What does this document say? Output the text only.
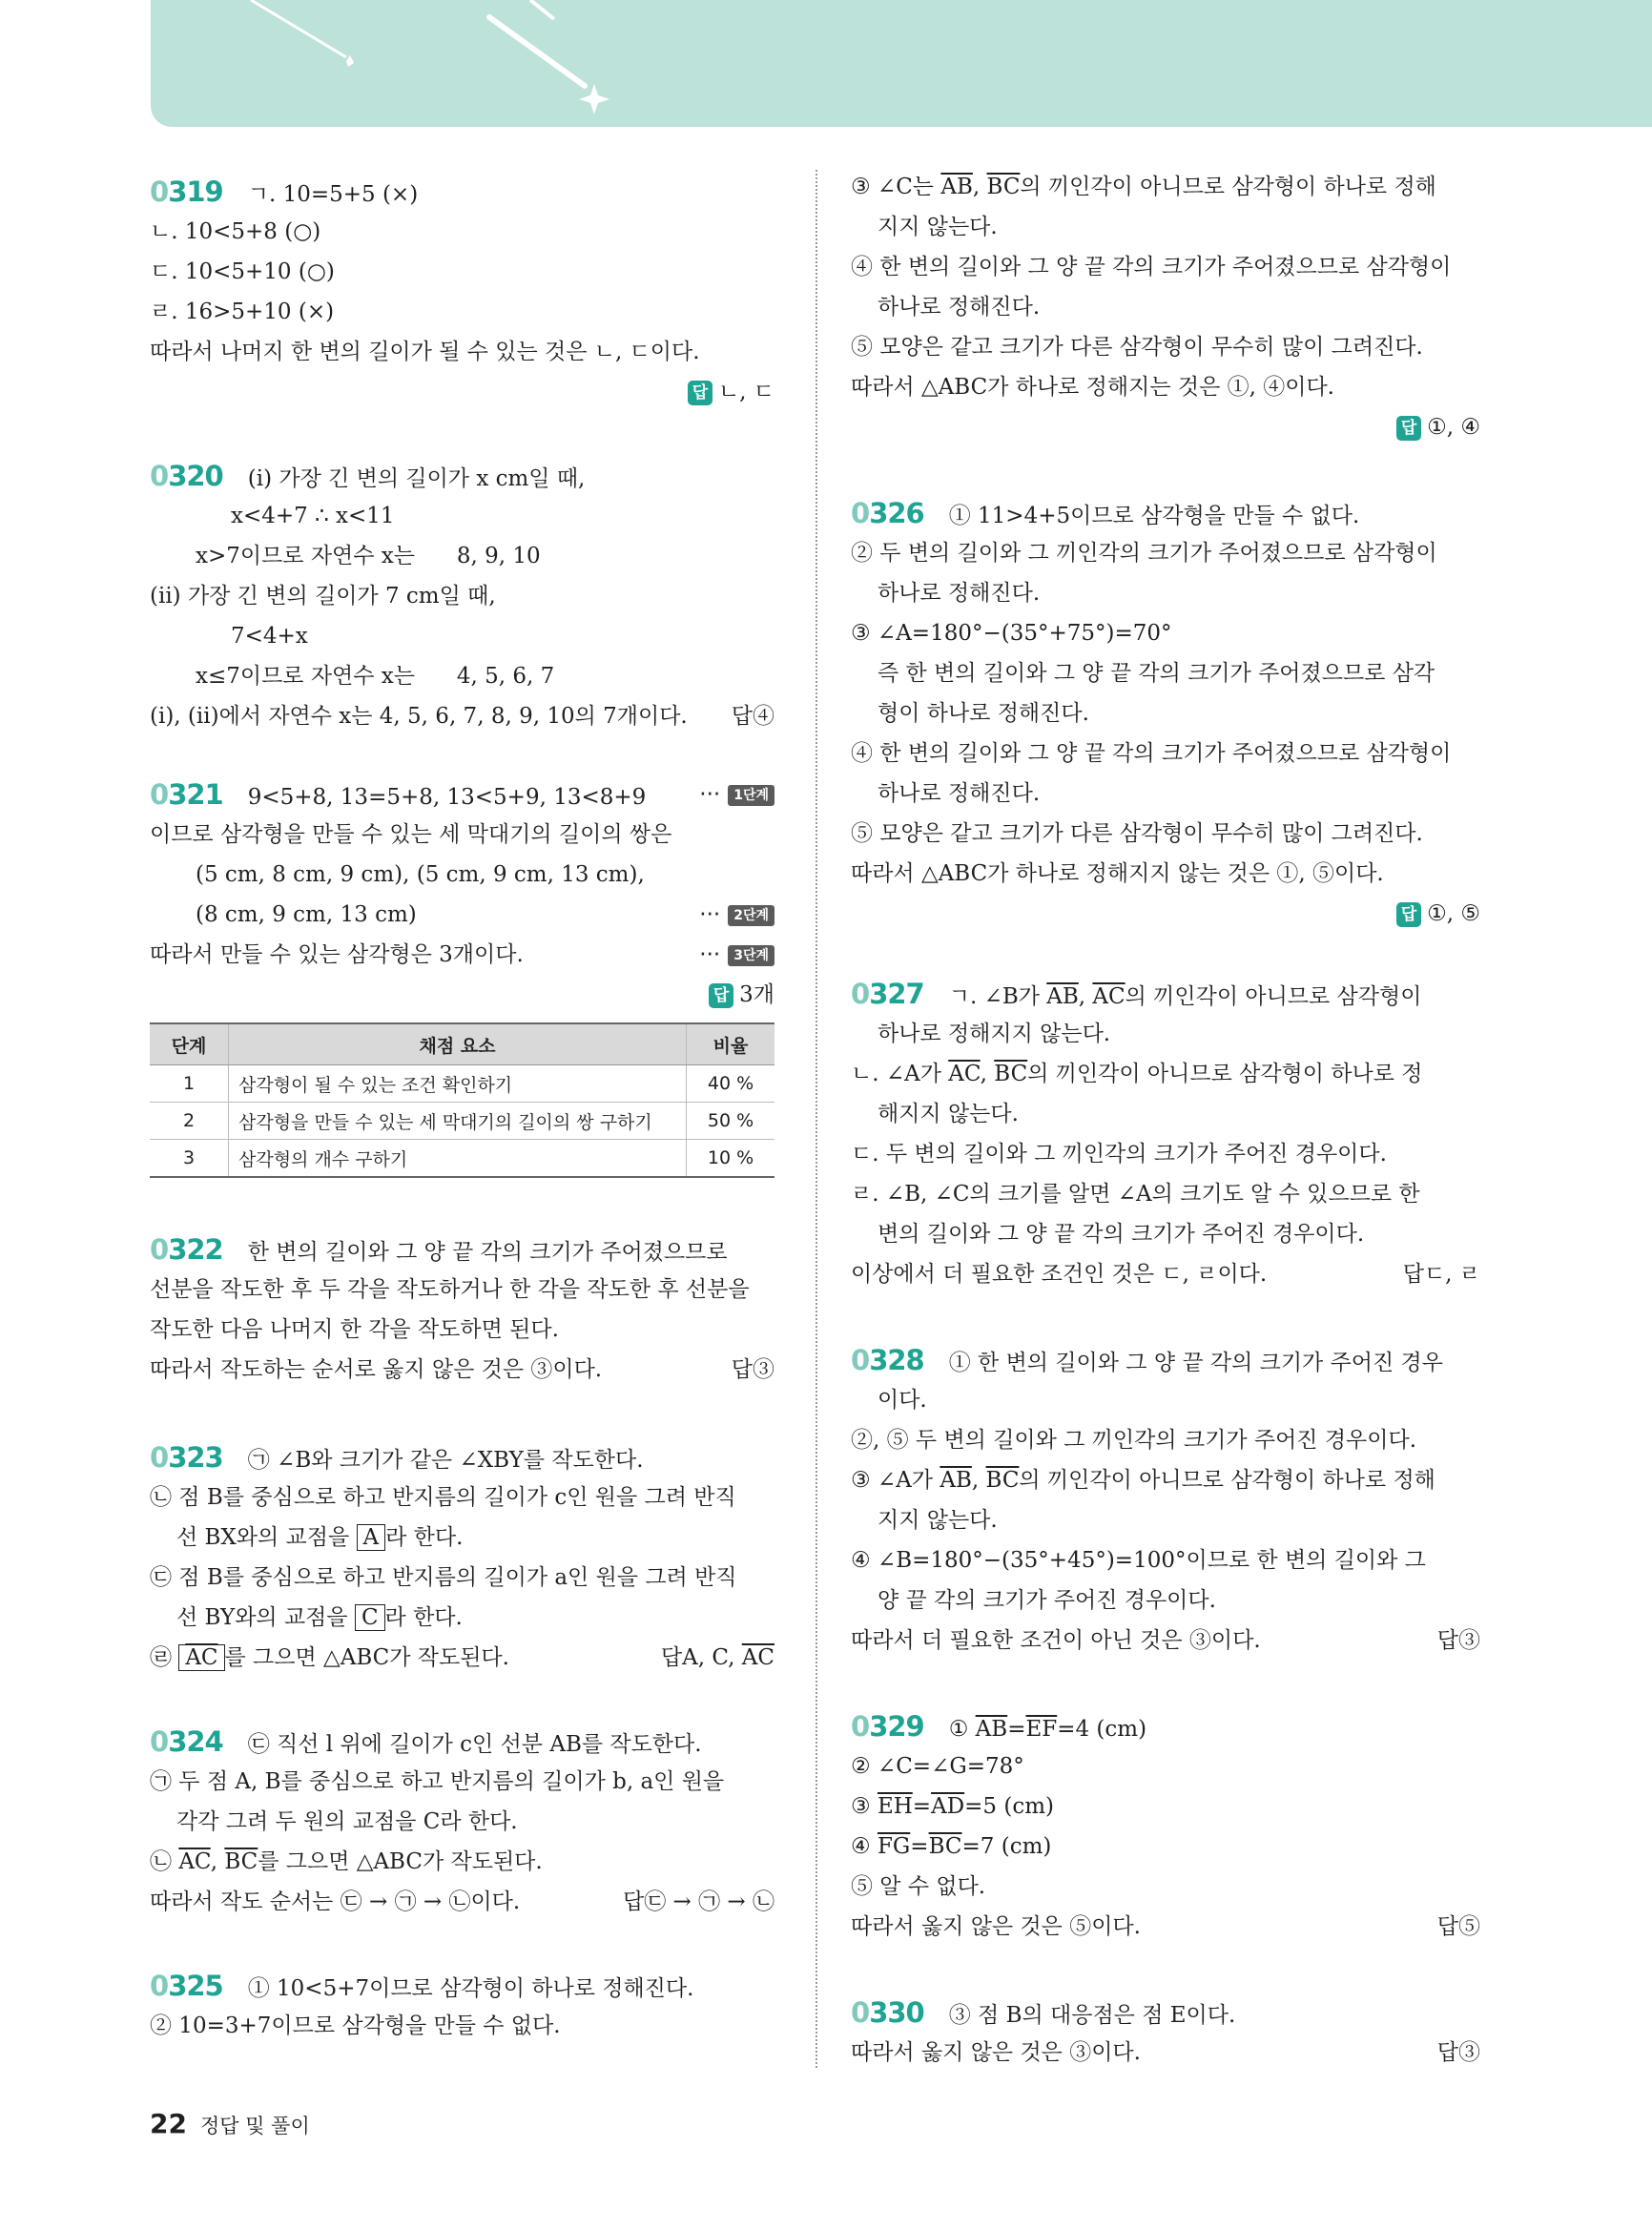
0319 ㄱ. 10=5+5 (×)
ㄴ. 10<5+8 (○)
ㄷ. 10<5+10 (○)
ㄹ. 16>5+10 (×)
따라서 나머지 한 변의 길이가 될 수 있는 것은 ㄴ, ㄷ이다.
답 ㄴ, ㄷ
0320 (ⅰ) 가장 긴 변의 길이가 x cm일 때,
x<4+7 ∴ x<11
x>7이므로 자연수 x는      8, 9, 10
(ⅱ) 가장 긴 변의 길이가 7 cm일 때,
7<4+x
x≤7이므로 자연수 x는      4, 5, 6, 7
(ⅰ), (ⅱ)에서 자연수 x는 4, 5, 6, 7, 8, 9, 10의 7개이다. 답④
0321 9<5+8, 13=5+8, 13<5+9, 13<8+9 ··· 1단계
이므로 삼각형을 만들 수 있는 세 막대기의 길이의 쌍은
(5 cm, 8 cm, 9 cm), (5 cm, 9 cm, 13 cm),
(8 cm, 9 cm, 13 cm)	··· 2단계
따라서 만들 수 있는 삼각형은 3개이다.	··· 3단계
답 3개
단계	채점 요소	비율
1	삼각형이 될 수 있는 조건 확인하기	40 %
2	삼각형을 만들 수 있는 세 막대기의 길이의 쌍 구하기	50 %
3	삼각형의 개수 구하기	10 %
0322 한 변의 길이와 그 양 끝 각의 크기가 주어졌으므로
선분을 작도한 후 두 각을 작도하거나 한 각을 작도한 후 선분을
작도한 다음 나머지 한 각을 작도하면 된다.
따라서 작도하는 순서로 옳지 않은 것은 ③이다.	답③
0323 ㉠ ∠B와 크기가 같은 ∠XBY를 작도한다.
㉡ 점 B를 중심으로 하고 반지름의 길이가 c인 원을 그려 반직
선 BX와의 교점을 A 라 한다.
㉢ 점 B를 중심으로 하고 반지름의 길이가 a인 원을 그려 반직
선 BY와의 교점을 C 라 한다.
㉣ $\overline{AC}$ 를 그으면 △ABC가 작도된다.	답A, C, $\overline{AC}$
0324 ㉢ 직선 l 위에 길이가 c인 선분 AB를 작도한다.
㉠ 두 점 A, B를 중심으로 하고 반지름의 길이가 b, a인 원을
각각 그려 두 원의 교점을 C라 한다.
㉡ $\overline{AC}$, $\overline{BC}$를 그으면 △ABC가 작도된다.
따라서 작도 순서는 ㉢ → ㉠ → ㉡이다.	답㉢ → ㉠ → ㉡
0325 ① 10<5+7이므로 삼각형이 하나로 정해진다.
② 10=3+7이므로 삼각형을 만들 수 없다.
③ ∠C는 $\overline{AB}$, $\overline{BC}$의 끼인각이 아니므로 삼각형이 하나로 정해
지지 않는다.
④ 한 변의 길이와 그 양 끝 각의 크기가 주어졌으므로 삼각형이
하나로 정해진다.
⑤ 모양은 같고 크기가 다른 삼각형이 무수히 많이 그려진다.
따라서 △ABC가 하나로 정해지는 것은 ①, ④이다.
답 ①, ④
0326 ① 11>4+5이므로 삼각형을 만들 수 없다.
② 두 변의 길이와 그 끼인각의 크기가 주어졌으므로 삼각형이
하나로 정해진다.
③ ∠A=180°−(35°+75°)=70°
즉 한 변의 길이와 그 양 끝 각의 크기가 주어졌으므로 삼각
형이 하나로 정해진다.
④ 한 변의 길이와 그 양 끝 각의 크기가 주어졌으므로 삼각형이
하나로 정해진다.
⑤ 모양은 같고 크기가 다른 삼각형이 무수히 많이 그려진다.
따라서 △ABC가 하나로 정해지지 않는 것은 ①, ⑤이다.
답 ①, ⑤
0327 ㄱ. ∠B가 $\overline{AB}$, $\overline{AC}$의 끼인각이 아니므로 삼각형이
하나로 정해지지 않는다.
ㄴ. ∠A가 $\overline{AC}$, $\overline{BC}$의 끼인각이 아니므로 삼각형이 하나로 정
해지지 않는다.
ㄷ. 두 변의 길이와 그 끼인각의 크기가 주어진 경우이다.
ㄹ. ∠B, ∠C의 크기를 알면 ∠A의 크기도 알 수 있으므로 한
변의 길이와 그 양 끝 각의 크기가 주어진 경우이다.
이상에서 더 필요한 조건인 것은 ㄷ, ㄹ이다.	답ㄷ, ㄹ
0328 ① 한 변의 길이와 그 양 끝 각의 크기가 주어진 경우
이다.
②, ⑤ 두 변의 길이와 그 끼인각의 크기가 주어진 경우이다.
③ ∠A가 $\overline{AB}$, $\overline{BC}$의 끼인각이 아니므로 삼각형이 하나로 정해
지지 않는다.
④ ∠B=180°−(35°+45°)=100°이므로 한 변의 길이와 그
양 끝 각의 크기가 주어진 경우이다.
따라서 더 필요한 조건이 아닌 것은 ③이다.	답③
0329 ① $\overline{AB}=\overline{EF}=4$ (cm)
② ∠C=∠G=78°
③ $\overline{EH}=\overline{AD}=5$ (cm)
④ $\overline{FG}=\overline{BC}=7$ (cm)
⑤ 알 수 없다.
따라서 옳지 않은 것은 ⑤이다.	답⑤
0330 ③ 점 B의 대응점은 점 E이다.
따라서 옳지 않은 것은 ③이다.	답③
22 정답 및 풀이
